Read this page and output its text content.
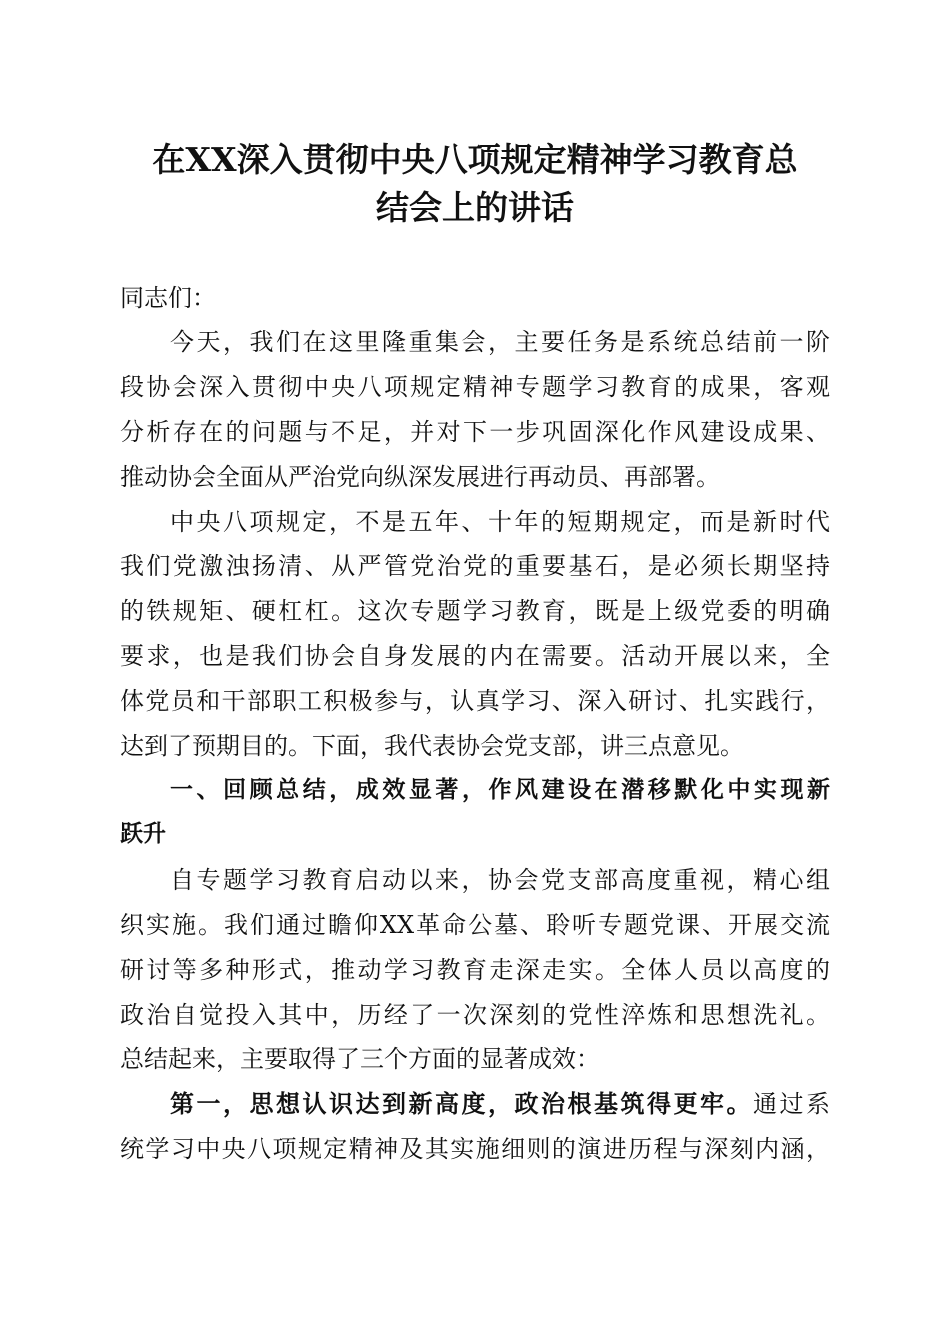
在XX深入贯彻中央八项规定精神学习教育总
结会上的讲话

同志们：

今天，我们在这里隆重集会，主要任务是系统总结前一阶

段协会深入贯彻中央八项规定精神专题学习教育的成果，客观

分析存在的问题与不足，并对下一步巩固深化作风建设成果、

推动协会全面从严治党向纵深发展进行再动员、再部署。

中央八项规定，不是五年、十年的短期规定，而是新时代

我们党激浊扬清、从严管党治党的重要基石，是必须长期坚持

的铁规矩、硬杠杠。这次专题学习教育，既是上级党委的明确

要求，也是我们协会自身发展的内在需要。活动开展以来，全

体党员和干部职工积极参与，认真学习、深入研讨、扎实践行，

达到了预期目的。下面，我代表协会党支部，讲三点意见。

一、回顾总结，成效显著，作风建设在潜移默化中实现新

跃升

自专题学习教育启动以来，协会党支部高度重视，精心组

织实施。我们通过瞻仰XX革命公墓、聆听专题党课、开展交流

研讨等多种形式，推动学习教育走深走实。全体人员以高度的

政治自觉投入其中，历经了一次深刻的党性淬炼和思想洗礼。

总结起来，主要取得了三个方面的显著成效：

第一，思想认识达到新高度，政治根基筑得更牢。通过系

统学习中央八项规定精神及其实施细则的演进历程与深刻内涵，
